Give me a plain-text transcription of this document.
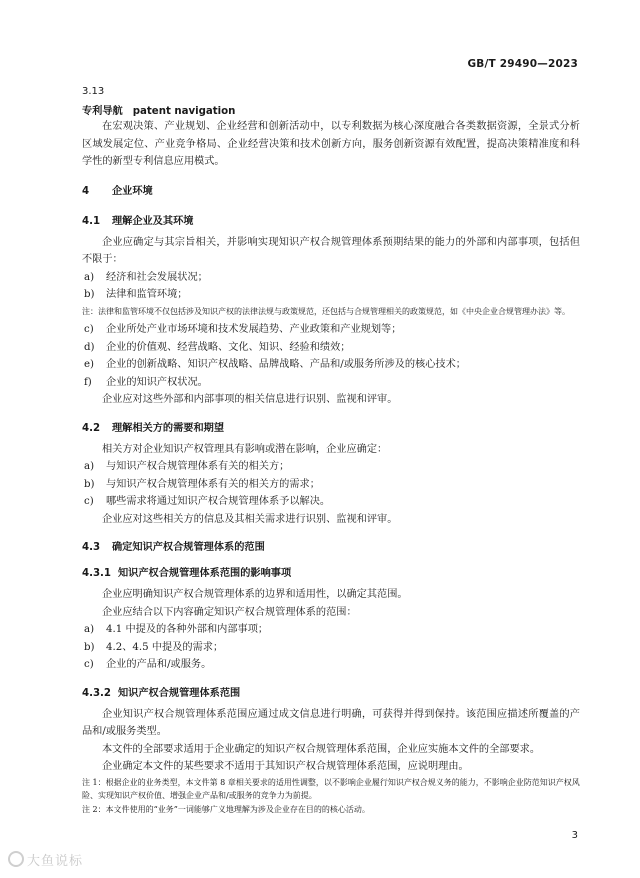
GB/T 29490—2023
3.13
专利导航 patent navigation
在宏观决策、产业规划、企业经营和创新活动中，以专利数据为核心深度融合各类数据资源，全景式分析区域发展定位、产业竞争格局、企业经营决策和技术创新方向，服务创新资源有效配置，提高决策精准度和科学性的新型专利信息应用模式。
4 企业环境
4.1 理解企业及其环境
企业应确定与其宗旨相关，并影响实现知识产权合规管理体系预期结果的能力的外部和内部事项，包括但不限于：
a) 经济和社会发展状况；
b) 法律和监管环境；
注：法律和监管环境不仅包括涉及知识产权的法律法规与政策规范，还包括与合规管理相关的政策规范，如《中央企业合规管理办法》等。
c) 企业所处产业市场环境和技术发展趋势、产业政策和产业规划等；
d) 企业的价值观、经营战略、文化、知识、经验和绩效；
e) 企业的创新战略、知识产权战略、品牌战略、产品和/或服务所涉及的核心技术；
f) 企业的知识产权状况。
企业应对这些外部和内部事项的相关信息进行识别、监视和评审。
4.2 理解相关方的需要和期望
相关方对企业知识产权管理具有影响或潜在影响，企业应确定：
a) 与知识产权合规管理体系有关的相关方；
b) 与知识产权合规管理体系有关的相关方的需求；
c) 哪些需求将通过知识产权合规管理体系予以解决。
企业应对这些相关方的信息及其相关需求进行识别、监视和评审。
4.3 确定知识产权合规管理体系的范围
4.3.1 知识产权合规管理体系范围的影响事项
企业应明确知识产权合规管理体系的边界和适用性，以确定其范围。
企业应结合以下内容确定知识产权合规管理体系的范围：
a) 4.1 中提及的各种外部和内部事项；
b) 4.2、4.5 中提及的需求；
c) 企业的产品和/或服务。
4.3.2 知识产权合规管理体系范围
企业知识产权合规管理体系范围应通过成文信息进行明确，可获得并得到保持。该范围应描述所覆盖的产品和/或服务类型。
本文件的全部要求适用于企业确定的知识产权合规管理体系范围，企业应实施本文件的全部要求。
企业确定本文件的某些要求不适用于其知识产权合规管理体系范围，应说明理由。
注 1：根据企业的业务类型，本文件第 8 章相关要求的适用性调整，以不影响企业履行知识产权合规义务的能力，不影响企业防范知识产权风险、实现知识产权价值、增强企业产品和/或服务的竞争力为前提。
注 2：本文件使用的“业务”一词能够广义地理解为涉及企业存在目的的核心活动。
3
大鱼说标
